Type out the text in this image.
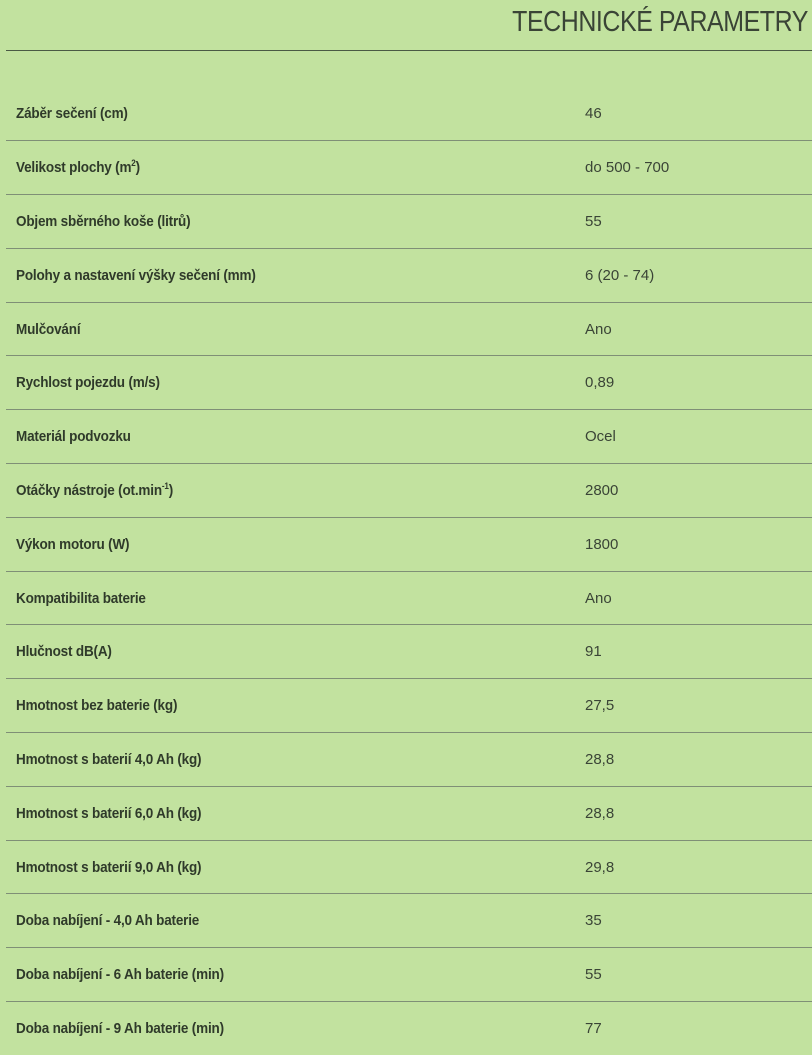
TECHNICKÉ PARAMETRY
Záběr sečení (cm)	46
Velikost plochy $(m^2)$	do 500 - 700
Objem sběrného koše (litrů)	55
Polohy a nastavení výšky sečení (mm)	6 (20 - 74)
Mulčování	Ano
Rychlost pojezdu (m/s)	0,89
Materiál podvozku	Ocel
Otáčky nástroje $(ot.\min^{-1})$	2800
Výkon motoru (W)	1800
Kompatibilita baterie	Ano
Hlučnost dB(A)	91
Hmotnost bez baterie (kg)	27,5
Hmotnost s baterií 4,0 Ah (kg)	28,8
Hmotnost s baterií 6,0 Ah (kg)	28,8
Hmotnost s baterií 9,0 Ah (kg)	29,8
Doba nabíjení - 4,0 Ah baterie	35
Doba nabíjení - 6 Ah baterie (min)	55
Doba nabíjení - 9 Ah baterie (min)	77
